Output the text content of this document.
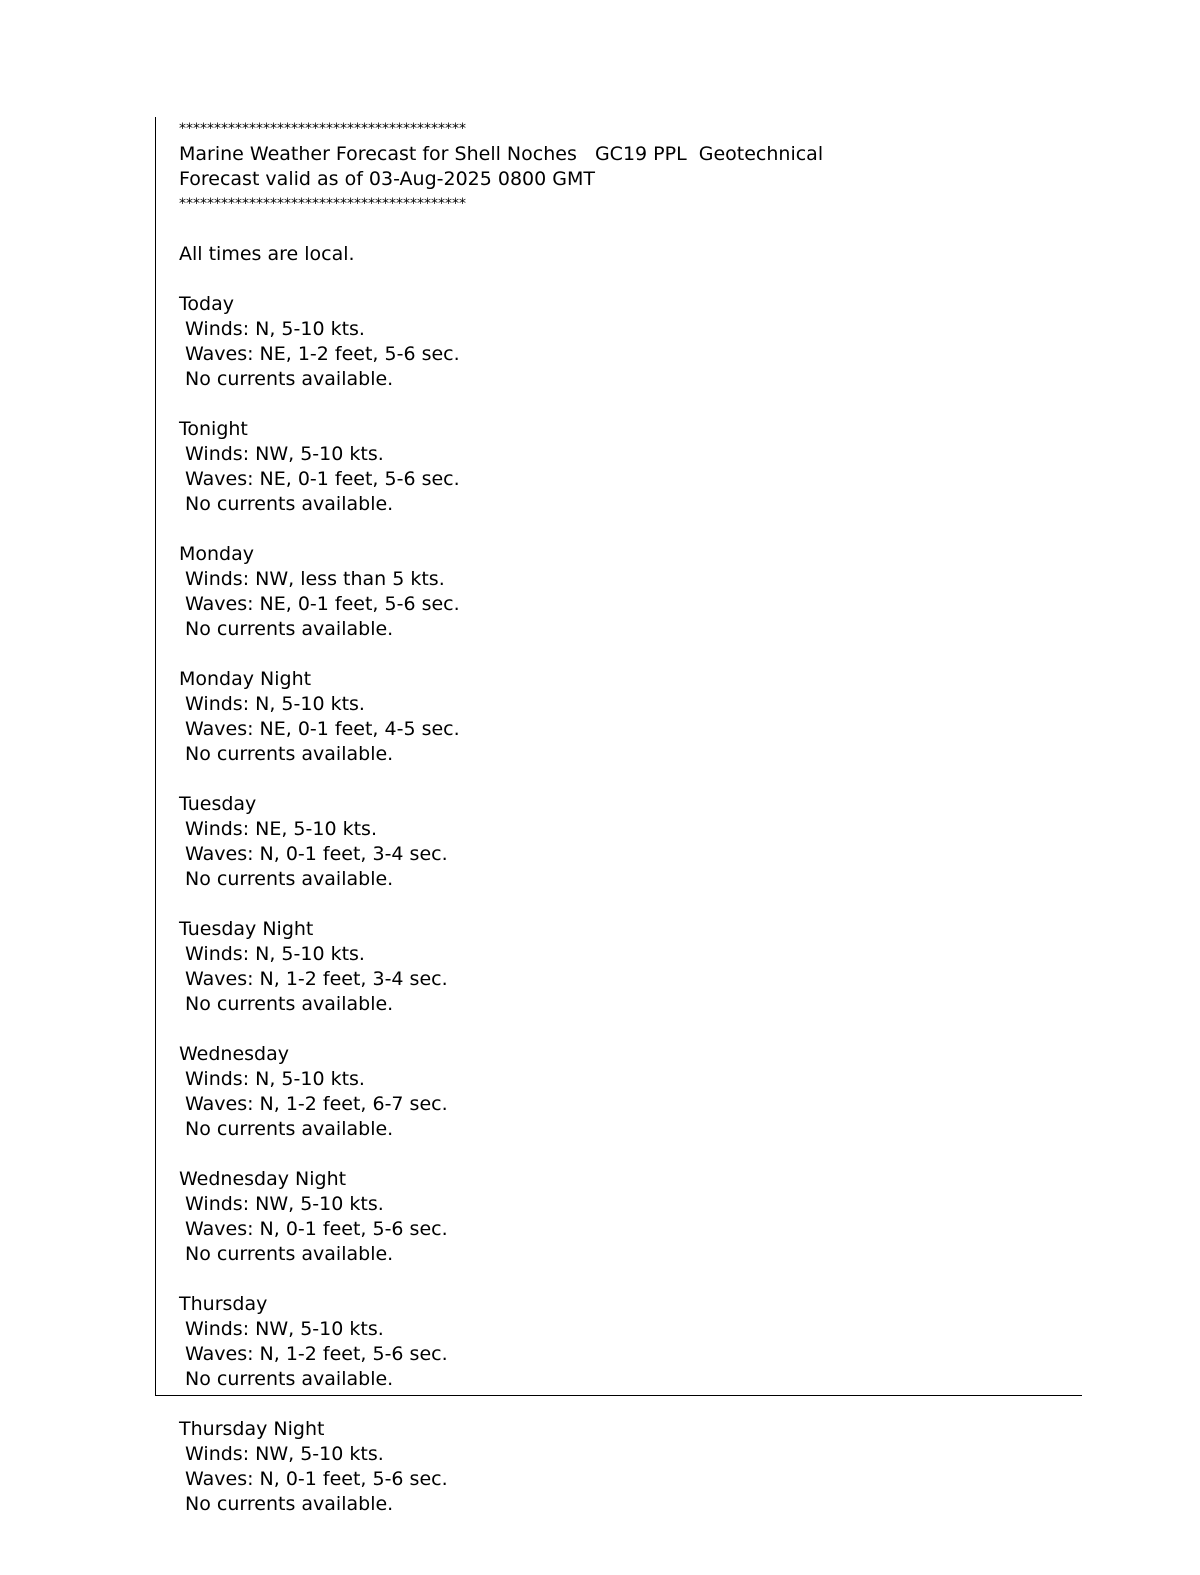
*****************************************
Marine Weather Forecast for Shell Noches   GC19 PPL  Geotechnical
Forecast valid as of 03-Aug-2025 0800 GMT
*****************************************
All times are local.
Today
Winds: N, 5-10 kts.
Waves: NE, 1-2 feet, 5-6 sec.
No currents available.
Tonight
Winds: NW, 5-10 kts.
Waves: NE, 0-1 feet, 5-6 sec.
No currents available.
Monday
Winds: NW, less than 5 kts.
Waves: NE, 0-1 feet, 5-6 sec.
No currents available.
Monday Night
Winds: N, 5-10 kts.
Waves: NE, 0-1 feet, 4-5 sec.
No currents available.
Tuesday
Winds: NE, 5-10 kts.
Waves: N, 0-1 feet, 3-4 sec.
No currents available.
Tuesday Night
Winds: N, 5-10 kts.
Waves: N, 1-2 feet, 3-4 sec.
No currents available.
Wednesday
Winds: N, 5-10 kts.
Waves: N, 1-2 feet, 6-7 sec.
No currents available.
Wednesday Night
Winds: NW, 5-10 kts.
Waves: N, 0-1 feet, 5-6 sec.
No currents available.
Thursday
Winds: NW, 5-10 kts.
Waves: N, 1-2 feet, 5-6 sec.
No currents available.
Thursday Night
Winds: NW, 5-10 kts.
Waves: N, 0-1 feet, 5-6 sec.
No currents available.
